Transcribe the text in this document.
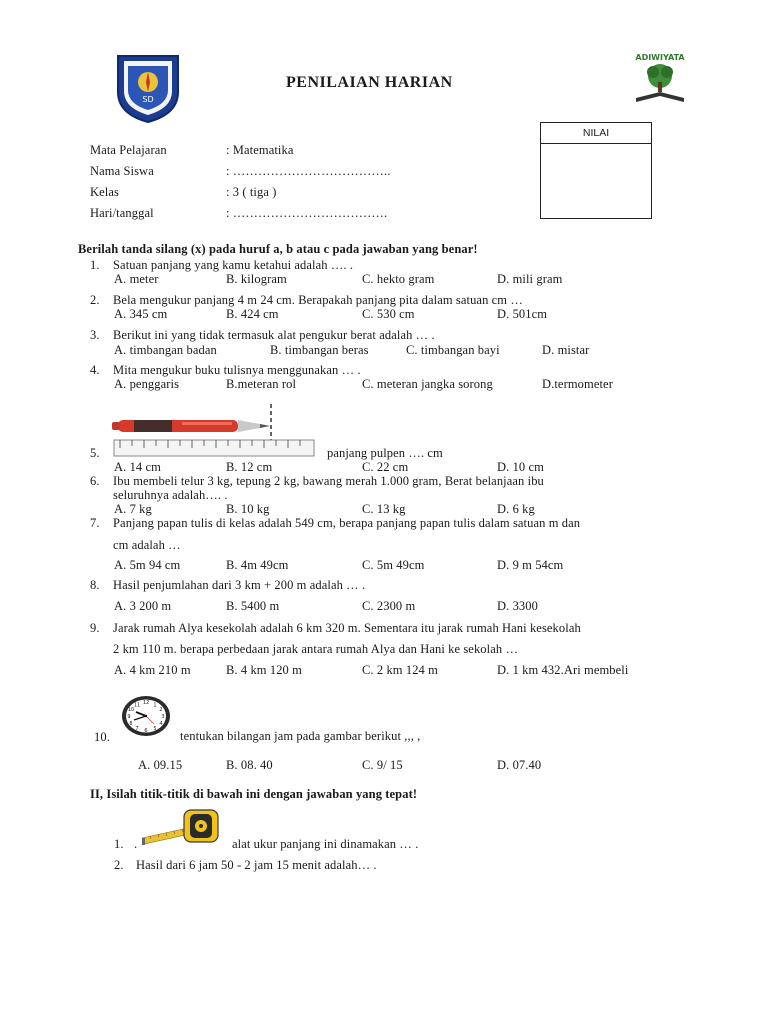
SD
PENILAIAN HARIAN
ADIWIYATA
NILAI
Mata Pelajaran	: Matematika
Nama Siswa	: ………………………………..
Kelas	: 3 ( tiga )
Hari/tanggal	: ……………………………….
Berilah tanda silang (x) pada huruf a, b atau c pada jawaban yang benar!
1. Satuan panjang yang kamu ketahui adalah …. .
A. meter	B. kilogram	C. hekto gram	D. mili gram
2. Bela mengukur panjang 4 m 24 cm. Berapakah panjang pita dalam satuan cm …
A. 345 cm	B. 424 cm	C. 530 cm	D. 501cm
3. Berikut ini yang tidak termasuk alat pengukur berat adalah … .
A. timbangan badan	B. timbangan beras	C. timbangan bayi	D. mistar
4. Mita mengukur buku tulisnya menggunakan … .
A. penggaris	B.meteran rol	C. meteran jangka sorong	D.termometer
5.	panjang pulpen …. cm
A. 14 cm	B. 12 cm	C. 22 cm	D. 10 cm
6. Ibu membeli telur 3 kg, tepung 2 kg, bawang merah 1.000 gram, Berat belanjaan ibu
seluruhnya adalah…. .
A. 7 kg	B. 10 kg	C. 13 kg	D. 6 kg
7. Panjang papan tulis di kelas adalah 549 cm, berapa panjang papan tulis dalam satuan m dan
cm adalah …
A. 5m 94 cm	B. 4m 49cm	C. 5m 49cm	D. 9 m 54cm
8. Hasil penjumlahan dari 3 km + 200 m adalah … .
A. 3 200 m	B. 5400 m	C. 2300 m	D. 3300
9. Jarak rumah Alya kesekolah adalah 6 km 320 m. Sementara itu jarak rumah Hani kesekolah
2 km 110 m. berapa perbedaan jarak antara rumah Alya dan Hani ke sekolah …
A. 4 km 210 m	B. 4 km 120 m	C. 2 km 124 m	D. 1 km 432.Ari membeli
12 1
2
3
4
5
6
7
8
9
10
11
10.	tentukan bilangan jam pada gambar berikut ,,, ,
A. 09.15	B. 08. 40	C. 9/ 15	D. 07.40
II, Isilah titik-titik di bawah ini dengan jawaban yang tepat!
1. .	alat ukur panjang ini dinamakan … .
2. Hasil dari 6 jam 50 - 2 jam 15 menit adalah… .
